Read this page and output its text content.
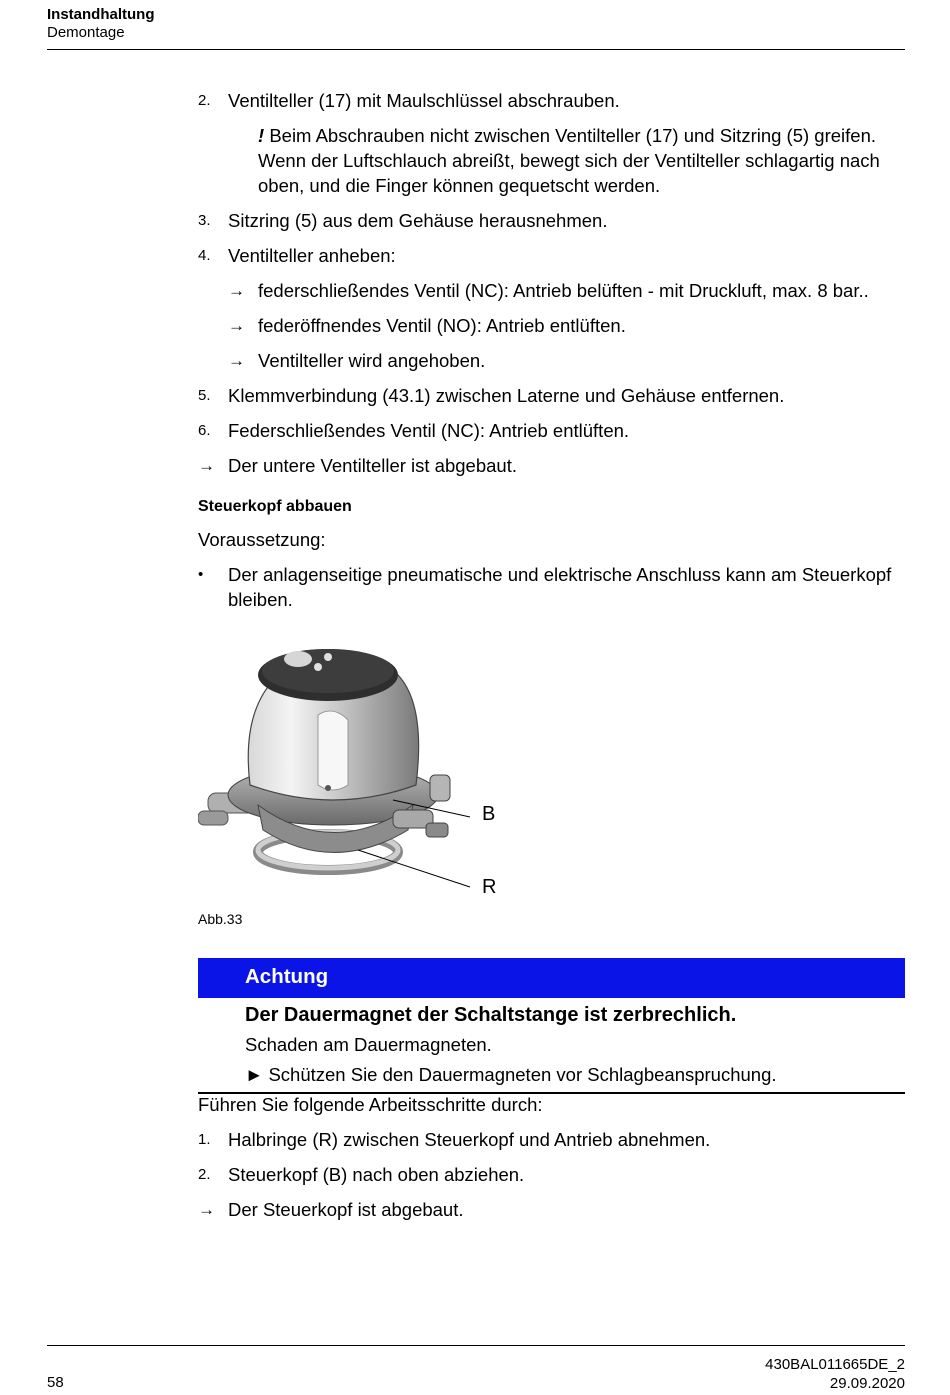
Instandhaltung
Demontage
2. Ventilteller (17) mit Maulschlüssel abschrauben.
! Beim Abschrauben nicht zwischen Ventilteller (17) und Sitzring (5) greifen. Wenn der Luftschlauch abreißt, bewegt sich der Ventilteller schlagartig nach oben, und die Finger können gequetscht werden.
3. Sitzring (5) aus dem Gehäuse herausnehmen.
4. Ventilteller anheben:
→ federschließendes Ventil (NC): Antrieb belüften - mit Druckluft, max. 8 bar..
→ federöffnendes Ventil (NO): Antrieb entlüften.
→ Ventilteller wird angehoben.
5. Klemmverbindung (43.1) zwischen Laterne und Gehäuse entfernen.
6. Federschließendes Ventil (NC): Antrieb entlüften.
→ Der untere Ventilteller ist abgebaut.
Steuerkopf abbauen
Voraussetzung:
• Der anlagenseitige pneumatische und elektrische Anschluss kann am Steuerkopf bleiben.
B
R
Abb.33
Achtung
Der Dauermagnet der Schaltstange ist zerbrechlich.
Schaden am Dauermagneten.
► Schützen Sie den Dauermagneten vor Schlagbeanspruchung.
Führen Sie folgende Arbeitsschritte durch:
1. Halbringe (R) zwischen Steuerkopf und Antrieb abnehmen.
2. Steuerkopf (B) nach oben abziehen.
→ Der Steuerkopf ist abgebaut.
58
430BAL011665DE_2
29.09.2020
